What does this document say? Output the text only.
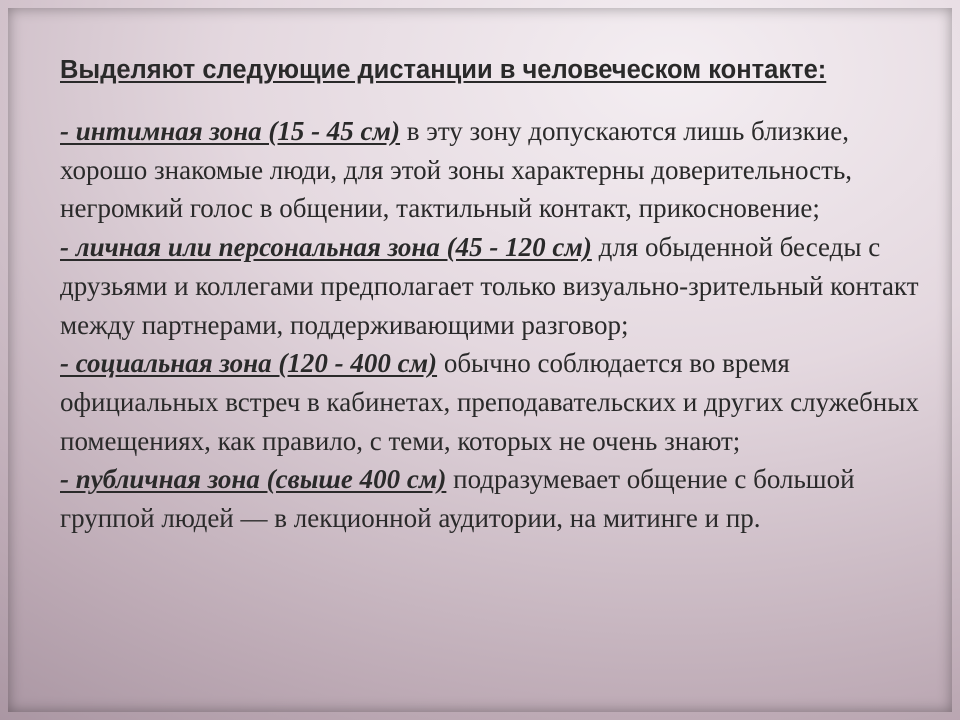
Выделяют следующие дистанции в человеческом контакте:

- интимная зона (15 - 45 см) в эту зону допускаются лишь близкие, хорошо знакомые люди, для этой зоны характерны доверительность, негромкий голос в общении, тактильный контакт, прикосновение;
- личная или персональная зона (45 - 120 см) для обыденной беседы с друзьями и коллегами предполагает только визуально-зрительный контакт между партнерами, поддерживающими разговор;
- социальная зона (120 - 400 см) обычно соблюдается во время официальных встреч в кабинетах, преподавательских и других служебных помещениях, как правило, с теми, которых не очень знают;
- публичная зона (свыше 400 см) подразумевает общение с большой группой людей — в лекционной аудитории, на митинге и пр.
